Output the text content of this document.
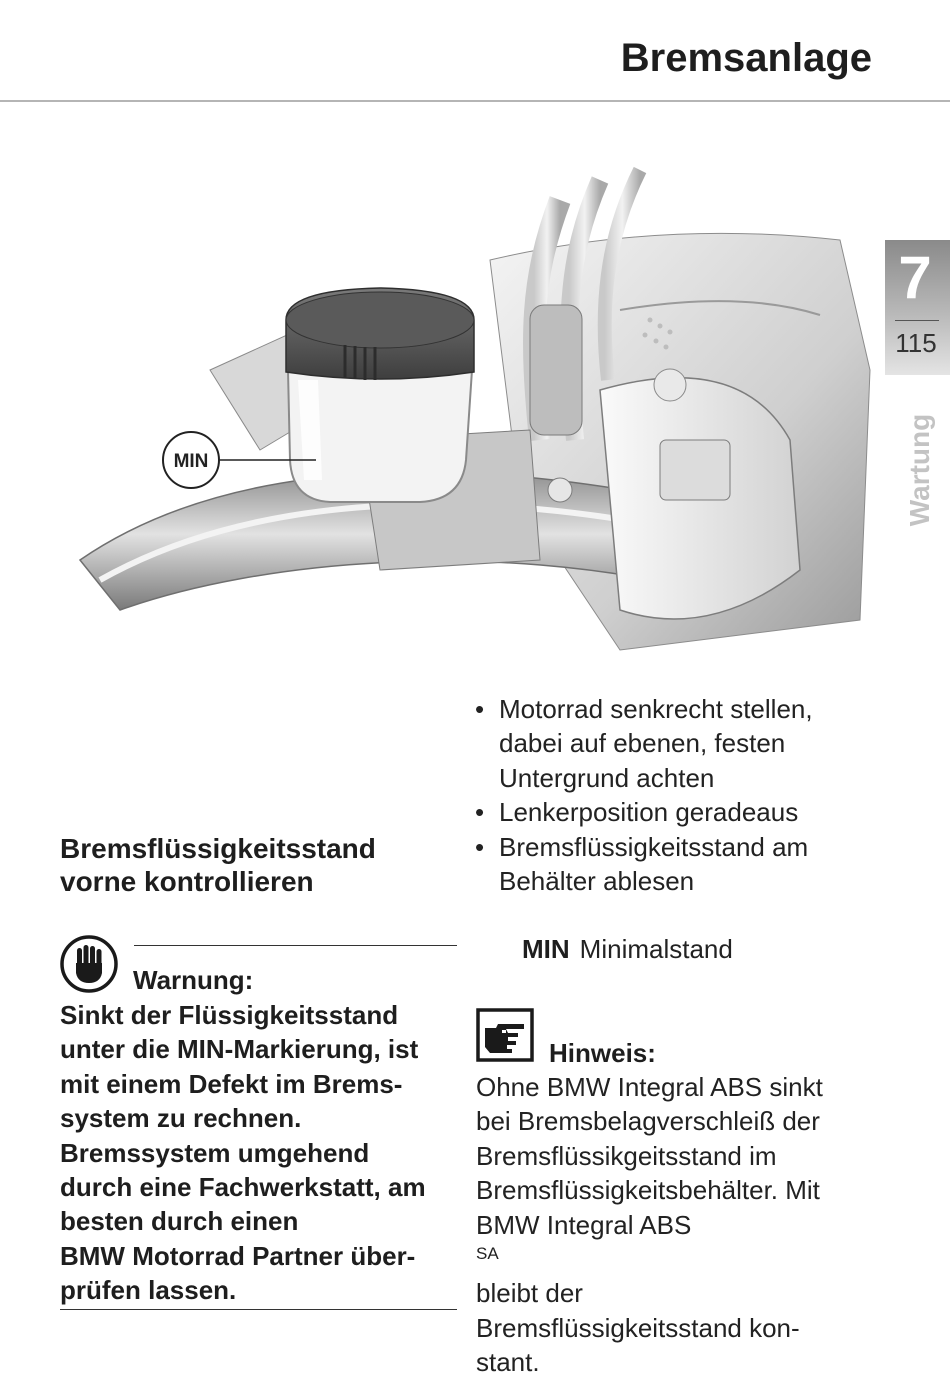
Bremsanlage
MIN
7
115
Wartung
Bremsflüssigkeitsstand
vorne kontrollieren
Warnung:
Sinkt der Flüssigkeitsstand
unter die MIN-Markierung, ist
mit einem Defekt im Brems-
system zu rechnen.
Bremssystem umgehend
durch eine Fachwerkstatt, am
besten durch einen
BMW Motorrad Partner über-
prüfen lassen.
• Motorrad senkrecht stellen,
dabei auf ebenen, festen
Untergrund achten
• Lenkerposition geradeaus
• Bremsflüssigkeitsstand am
Behälter ablesen
MIN Minimalstand
Hinweis:
Ohne BMW Integral ABS sinkt
bei Bremsbelagverschleiß der
Bremsflüssikgeitsstand im
Bremsflüssigkeitsbehälter. Mit
BMW Integral ABS
$^{SA}$
bleibt der
Bremsflüssigkeitsstand kon-
stant.
